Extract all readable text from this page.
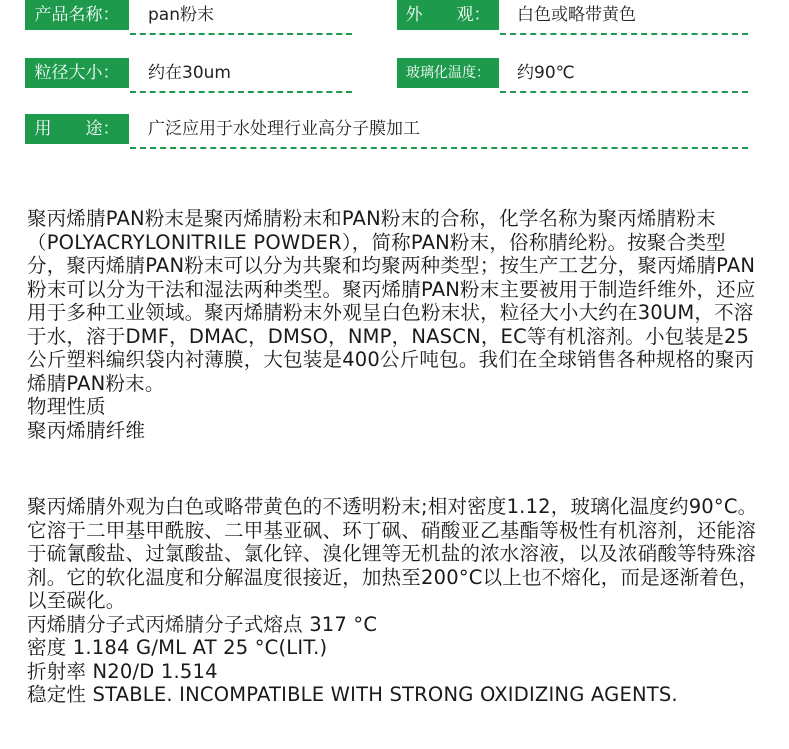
产品名称：	pan粉末	外　　观：	白色或略带黄色
粒径大小：	约在30um	玻璃化温度：	约90℃
用　　途：	广泛应用于水处理行业高分子膜加工

聚丙烯腈PAN粉末是聚丙烯腈粉末和PAN粉末的合称，化学名称为聚丙烯腈粉末（POLYACRYLONITRILE POWDER），简称PAN粉末，俗称腈纶粉。按聚合类型分，聚丙烯腈PAN粉末可以分为共聚和均聚两种类型；按生产工艺分，聚丙烯腈PAN粉末可以分为干法和湿法两种类型。聚丙烯腈PAN粉末主要被用于制造纤维外，还应用于多种工业领域。聚丙烯腈粉末外观呈白色粉末状，粒径大小大约在30UM，不溶于水，溶于DMF，DMAC，DMSO，NMP，NASCN，EC等有机溶剂。小包装是25公斤塑料编织袋内衬薄膜，大包装是400公斤吨包。我们在全球销售各种规格的聚丙烯腈PAN粉末。

物理性质

聚丙烯腈纤维

聚丙烯腈外观为白色或略带黄色的不透明粉末;相对密度1.12，玻璃化温度约90°C。它溶于二甲基甲酰胺、二甲基亚砜、环丁砜、硝酸亚乙基酯等极性有机溶剂，还能溶于硫氰酸盐、过氯酸盐、氯化锌、溴化锂等无机盐的浓水溶液，以及浓硝酸等特殊溶剂。它的软化温度和分解温度很接近，加热至200°C以上也不熔化，而是逐渐着色，以至碳化。

丙烯腈分子式丙烯腈分子式熔点 317 °C

密度 1.184 G/ML AT 25 °C(LIT.)

折射率 N20/D 1.514

稳定性 STABLE. INCOMPATIBLE WITH STRONG OXIDIZING AGENTS.
